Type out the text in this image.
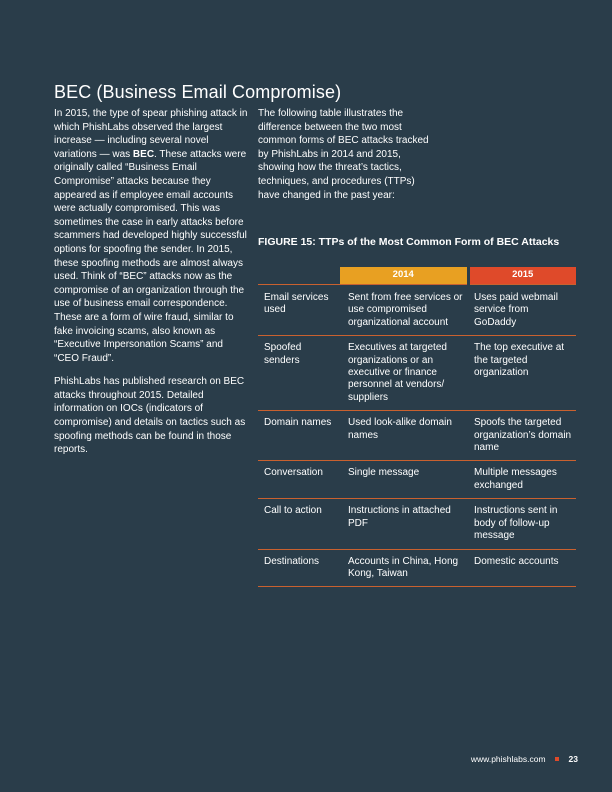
BEC (Business Email Compromise)

In 2015, the type of spear phishing attack in which PhishLabs observed the largest increase — including several novel variations — was BEC. These attacks were originally called “Business Email Compromise” attacks because they appeared as if employee email accounts were actually compromised. This was sometimes the case in early attacks before scammers had developed highly successful options for spoofing the sender. In 2015, these spoofing methods are almost always used. Think of “BEC” attacks now as the compromise of an organization through the use of business email correspondence. These are a form of wire fraud, similar to fake invoicing scams, also known as “Executive Impersonation Scams” and “CEO Fraud”.

PhishLabs has published research on BEC attacks throughout 2015. Detailed information on IOCs (indicators of compromise) and details on tactics such as spoofing methods can be found in those reports.

The following table illustrates the difference between the two most common forms of BEC attacks tracked by PhishLabs in 2014 and 2015, showing how the threat’s tactics, techniques, and procedures (TTPs) have changed in the past year:

FIGURE 15: TTPs of the Most Common Form of BEC Attacks
	2014	2015
Email services used	Sent from free services or use compromised organizational account	Uses paid webmail service from GoDaddy
Spoofed senders	Executives at targeted organizations or an executive or finance personnel at vendors/ suppliers	The top executive at the targeted organization
Domain names	Used look-alike domain names	Spoofs the targeted organization’s domain name
Conversation	Single message	Multiple messages exchanged
Call to action	Instructions in attached PDF	Instructions sent in body of follow-up message
Destinations	Accounts in China, Hong Kong, Taiwan	Domestic accounts
www.phishlabs.com	23
